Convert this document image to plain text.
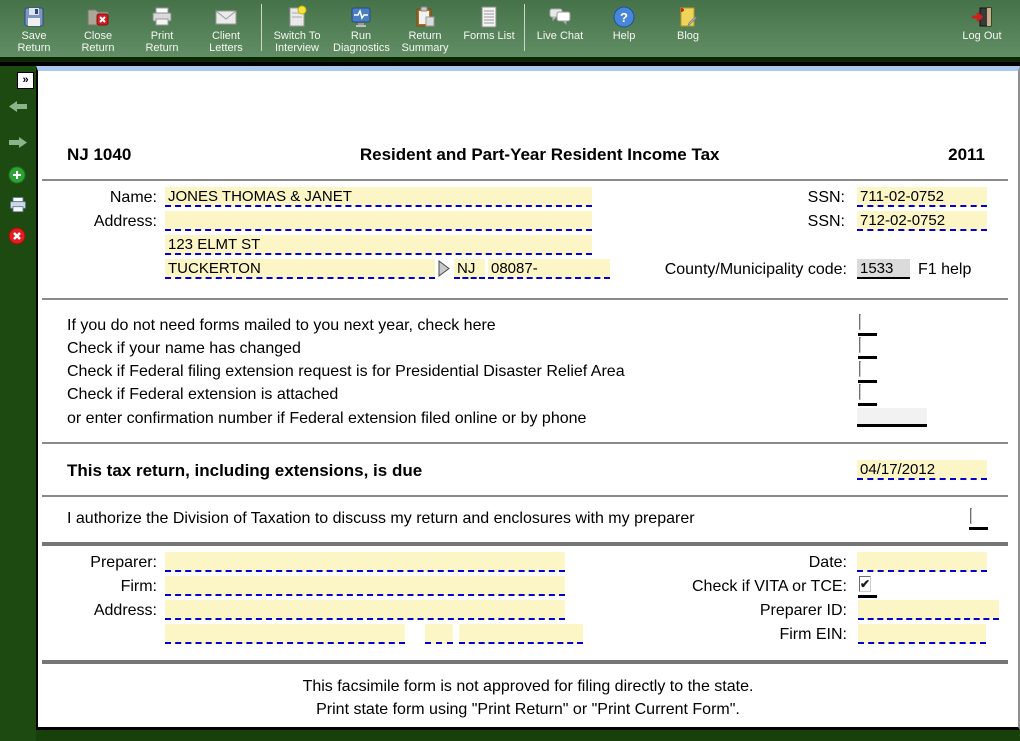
Save Return
Close Return
Print Return
Client Letters
Switch To Interview
Run Diagnostics
Return Summary
Forms List Live Chat
?
Help	Blog	Log Out
»
NJ 1040	Resident and Part-Year Resident Income Tax	2011
Name: JONES THOMAS & JANET	SSN: 711-02-0752
Address:	SSN: 712-02-0752
123 ELMT ST
TUCKERTON	NJ	08087-	County/Municipality code: 1533	F1 help
If you do not need forms mailed to you next year, check here
Check if your name has changed
Check if Federal filing extension request is for Presidential Disaster Relief Area
Check if Federal extension is attached
or enter confirmation number if Federal extension filed online or by phone
This tax return, including extensions, is due	04/17/2012
I authorize the Division of Taxation to discuss my return and enclosures with my preparer
Preparer:	Date:
Firm:	Check if VITA or TCE: ✔
Address:	Preparer ID:
Firm EIN:
This facsimile form is not approved for filing directly to the state.
Print state form using "Print Return" or "Print Current Form".
